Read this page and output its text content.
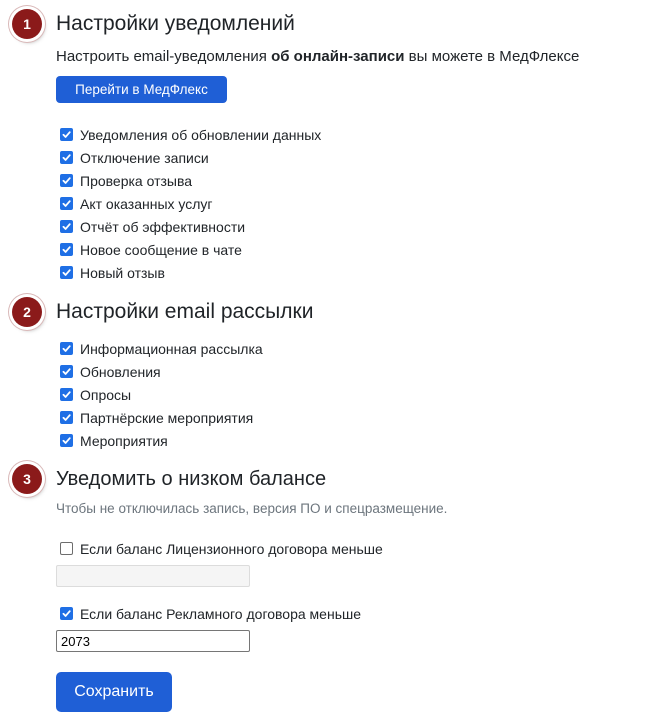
1	Настройки уведомлений
Настроить email-уведомления об онлайн-записи вы можете в МедФлексе
Перейти в МедФлекс
Уведомления об обновлении данных
Отключение записи
Проверка отзыва
Акт оказанных услуг
Отчёт об эффективности
Новое сообщение в чате
Новый отзыв
2	Настройки email рассылки
Информационная рассылка
Обновления
Опросы
Партнёрские мероприятия
Мероприятия
3	Уведомить о низком балансе
Чтобы не отключилась запись, версия ПО и спецразмещение.
Если баланс Лицензионного договора меньше
Если баланс Рекламного договора меньше
2073
Сохранить
